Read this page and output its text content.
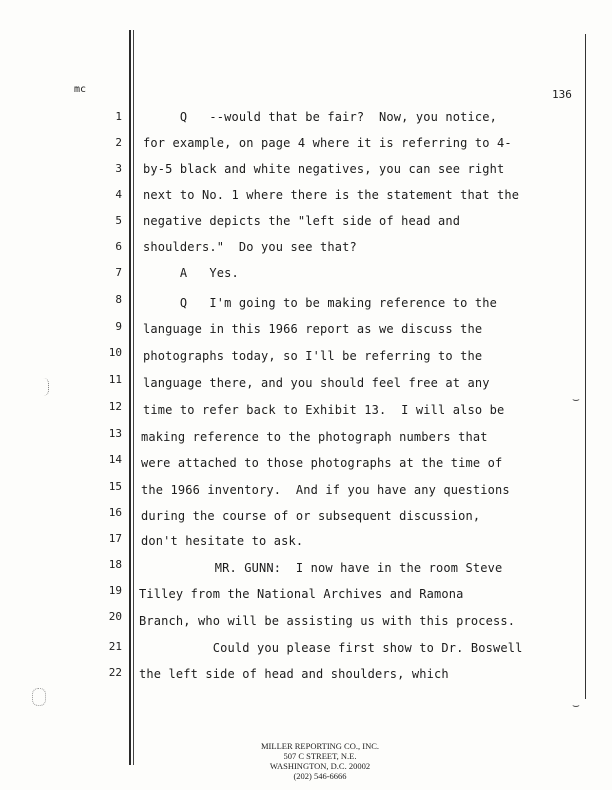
mc	136
⌣
⌣
1 Q   --would that be fair?  Now, you notice,
2 for example, on page 4 where it is referring to 4-
3 by-5 black and white negatives, you can see right
4 next to No. 1 where there is the statement that the
5 negative depicts the "left side of head and
6 shoulders."  Do you see that?
7 A   Yes.
8 Q   I'm going to be making reference to the
9 language in this 1966 report as we discuss the
10 photographs today, so I'll be referring to the
11 language there, and you should feel free at any
12 time to refer back to Exhibit 13.  I will also be
13 making reference to the photograph numbers that
14 were attached to those photographs at the time of
15 the 1966 inventory.  And if you have any questions
16 during the course of or subsequent discussion,
17 don't hesitate to ask.
18 MR. GUNN:  I now have in the room Steve
19 Tilley from the National Archives and Ramona
20 Branch, who will be assisting us with this process.
21 Could you please first show to Dr. Boswell
22 the left side of head and shoulders, which
MILLER REPORTING CO., INC.
507 C STREET, N.E.
WASHINGTON, D.C. 20002
(202) 546-6666
